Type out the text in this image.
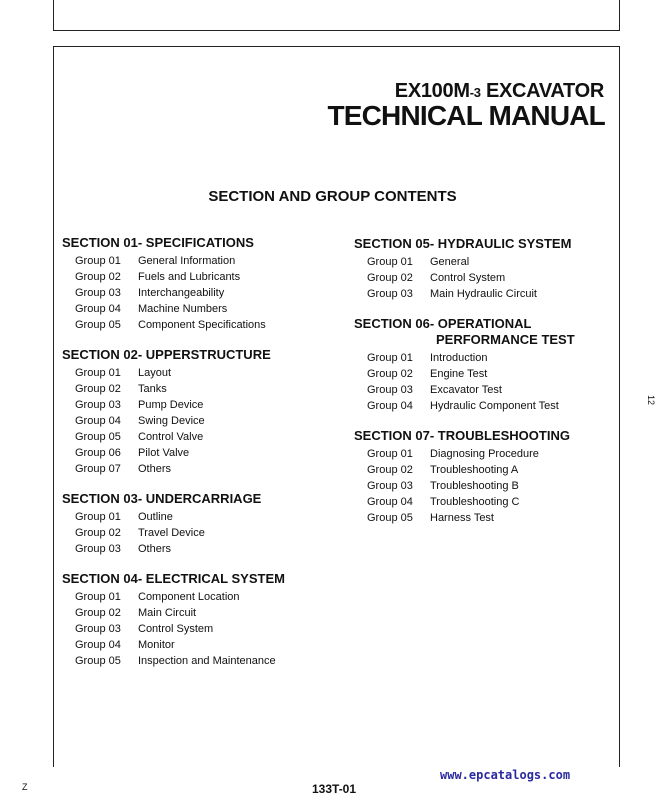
EX100M-3 EXCAVATOR
TECHNICAL MANUAL
SECTION AND GROUP CONTENTS
SECTION 01- SPECIFICATIONS
Group 01	General Information
Group 02	Fuels and Lubricants
Group 03	Interchangeability
Group 04	Machine Numbers
Group 05	Component Specifications
SECTION 02- UPPERSTRUCTURE
Group 01	Layout
Group 02	Tanks
Group 03	Pump Device
Group 04	Swing Device
Group 05	Control Valve
Group 06	Pilot Valve
Group 07	Others
SECTION 03- UNDERCARRIAGE
Group 01	Outline
Group 02	Travel Device
Group 03	Others
SECTION 04- ELECTRICAL SYSTEM
Group 01	Component Location
Group 02	Main Circuit
Group 03	Control System
Group 04	Monitor
Group 05	Inspection and Maintenance
SECTION 05- HYDRAULIC SYSTEM
Group 01	General
Group 02	Control System
Group 03	Main Hydraulic Circuit
SECTION 06- OPERATIONAL
PERFORMANCE TEST
Group 01	Introduction
Group 02	Engine Test
Group 03	Excavator Test
Group 04	Hydraulic Component Test
SECTION 07- TROUBLESHOOTING
Group 01	Diagnosing Procedure
Group 02	Troubleshooting A
Group 03	Troubleshooting B
Group 04	Troubleshooting C
Group 05	Harness Test
www.epcatalogs.com
133T-01
Z
12
